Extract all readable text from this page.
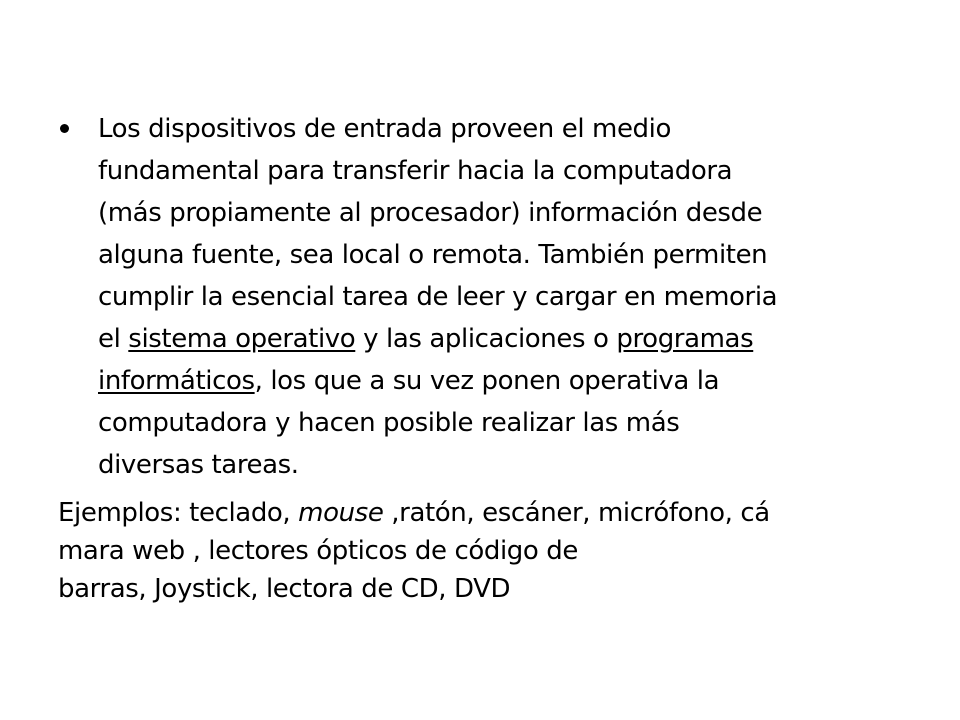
Los dispositivos de entrada proveen el medio
fundamental para transferir hacia la computadora
(más propiamente al procesador) información desde
alguna fuente, sea local o remota. También permiten
cumplir la esencial tarea de leer y cargar en memoria
el sistema operativo y las aplicaciones o programas
informáticos, los que a su vez ponen operativa la
computadora y hacen posible realizar las más
diversas tareas.
Ejemplos: teclado, mouse ,ratón, escáner, micrófono, cá
mara web , lectores ópticos de código de
barras, Joystick, lectora de CD, DVD
